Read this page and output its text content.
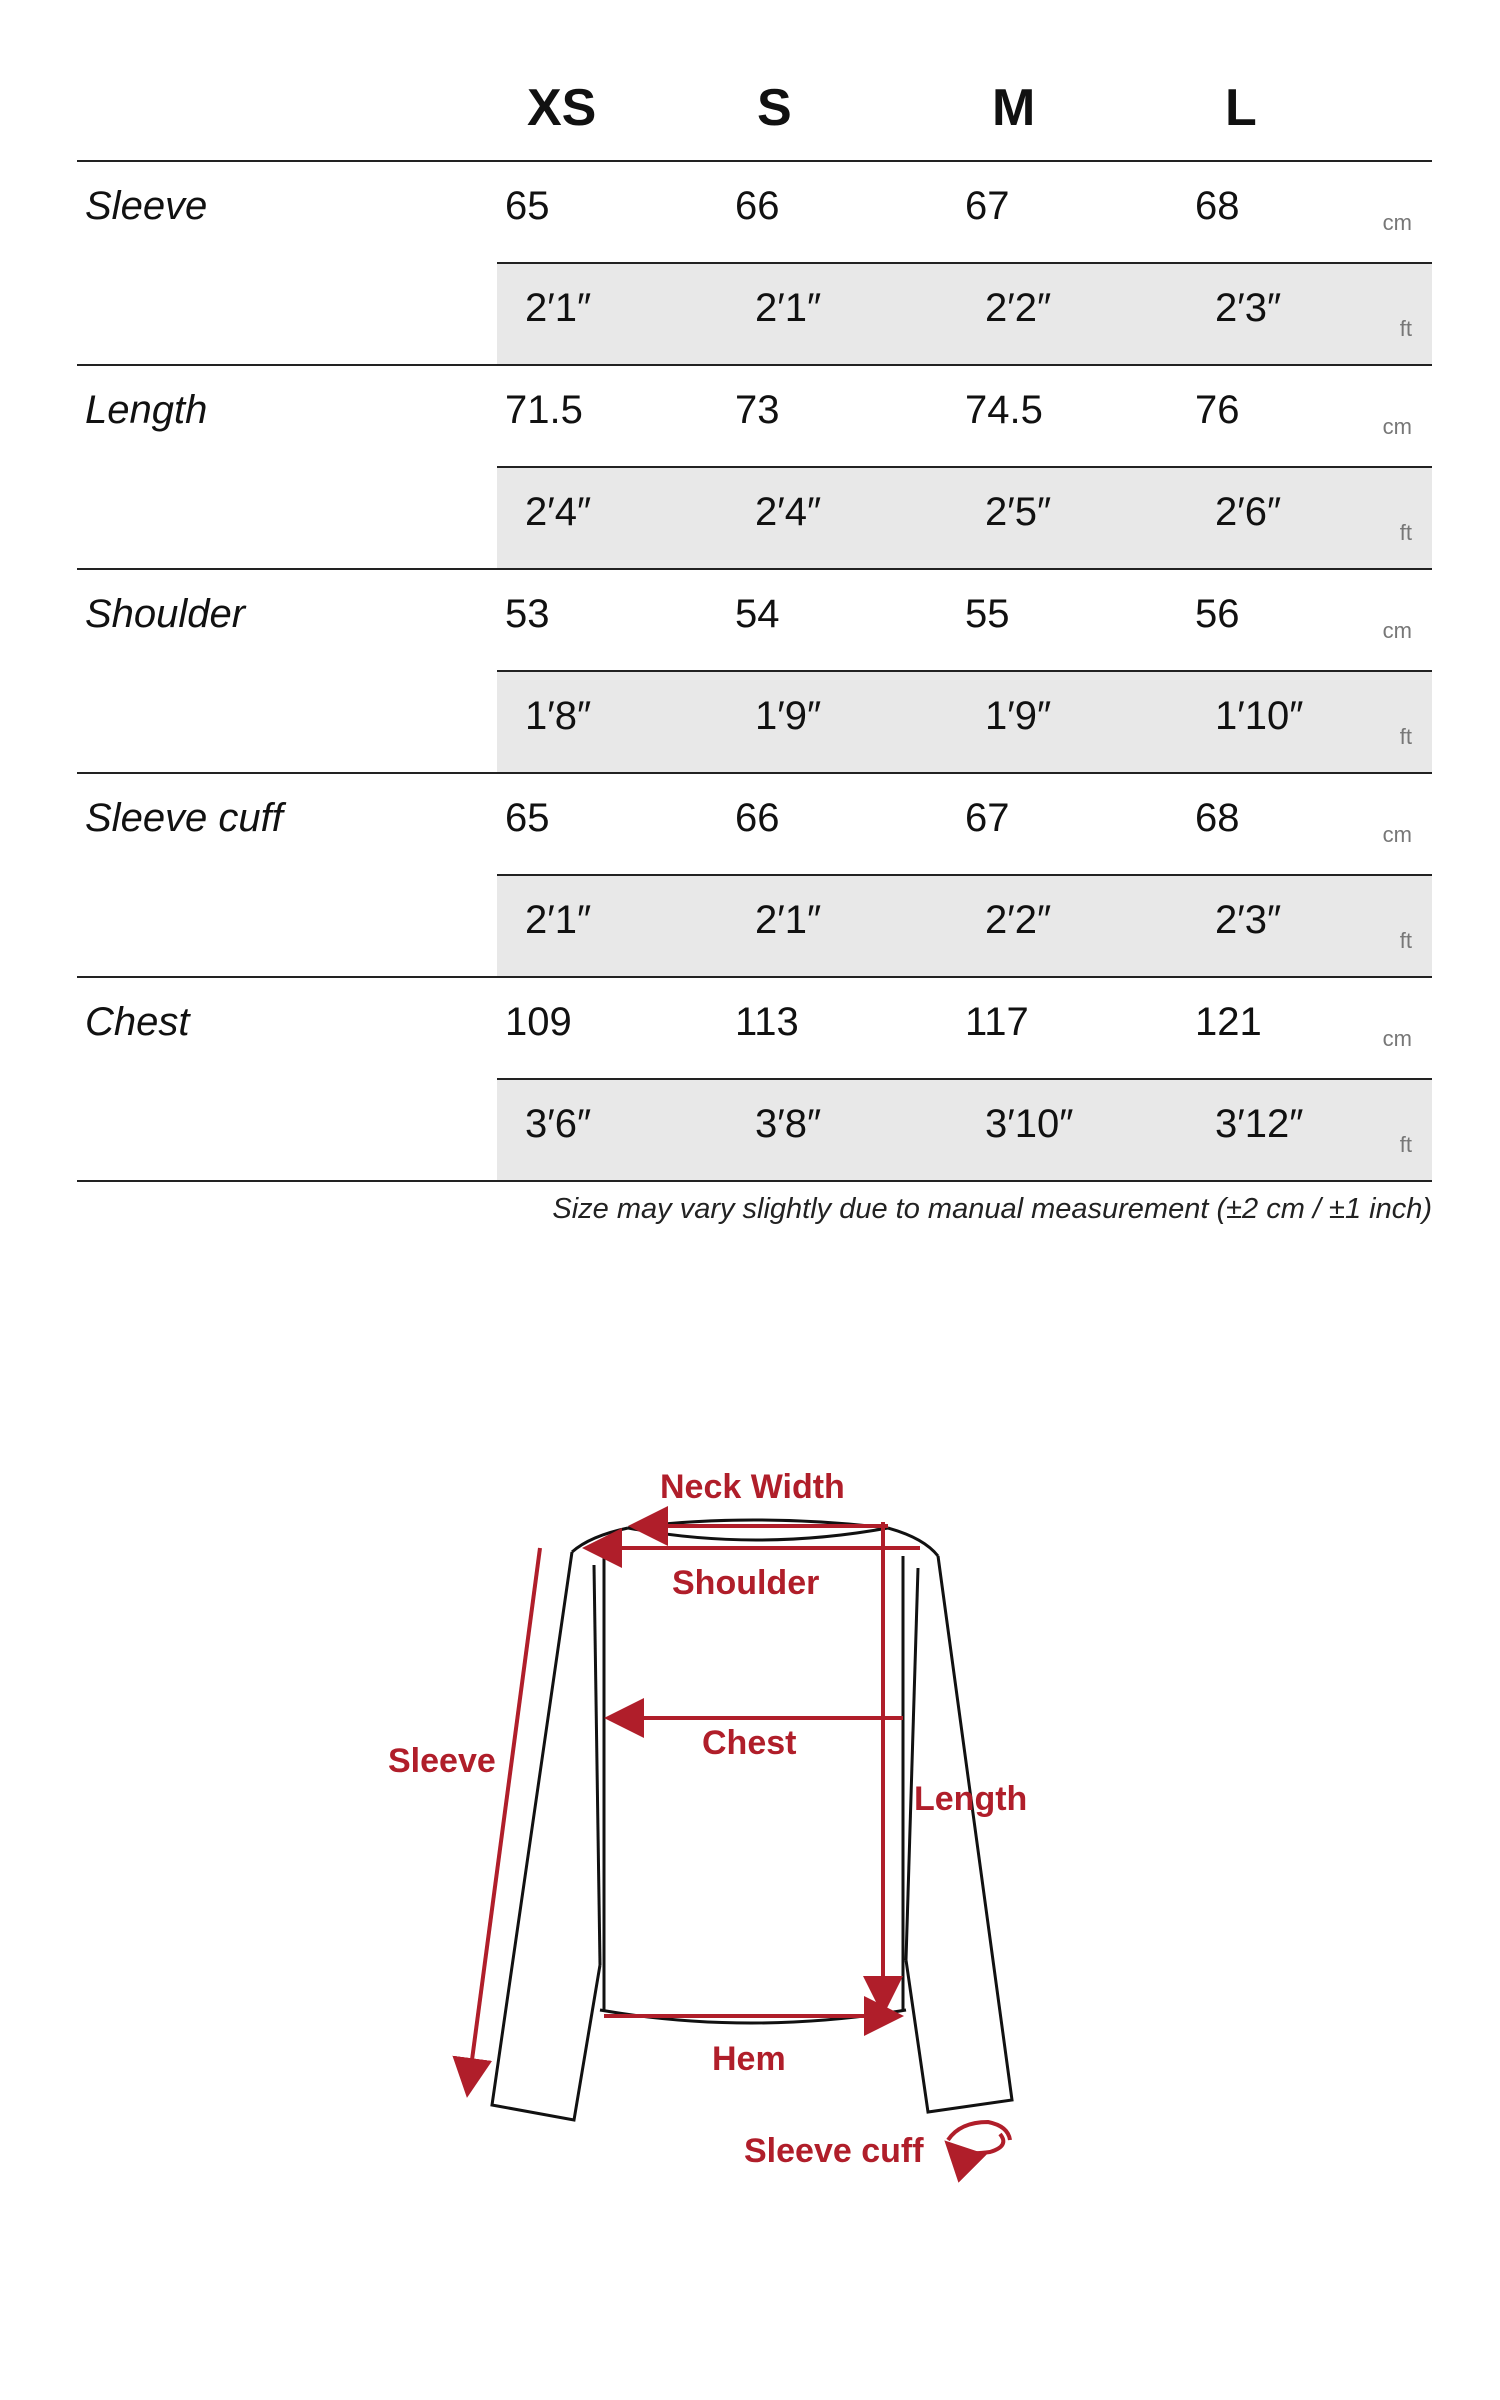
XS	S	M	L
Sleeve	65	66	67	68	cm
2′1″	2′1″	2′2″	2′3″	ft
Length	71.5	73	74.5	76	cm
2′4″	2′4″	2′5″	2′6″	ft
Shoulder	53	54	55	56	cm
1′8″	1′9″	1′9″	1′10″	ft
Sleeve cuff	65	66	67	68	cm
2′1″	2′1″	2′2″	2′3″	ft
Chest	109	113	117	121	cm
3′6″	3′8″	3′10″	3′12″	ft
Size may vary slightly due to manual measurement (±2 cm / ±1 inch)
Neck Width
Shoulder
Chest
Length
Sleeve
Hem
Sleeve cuff
